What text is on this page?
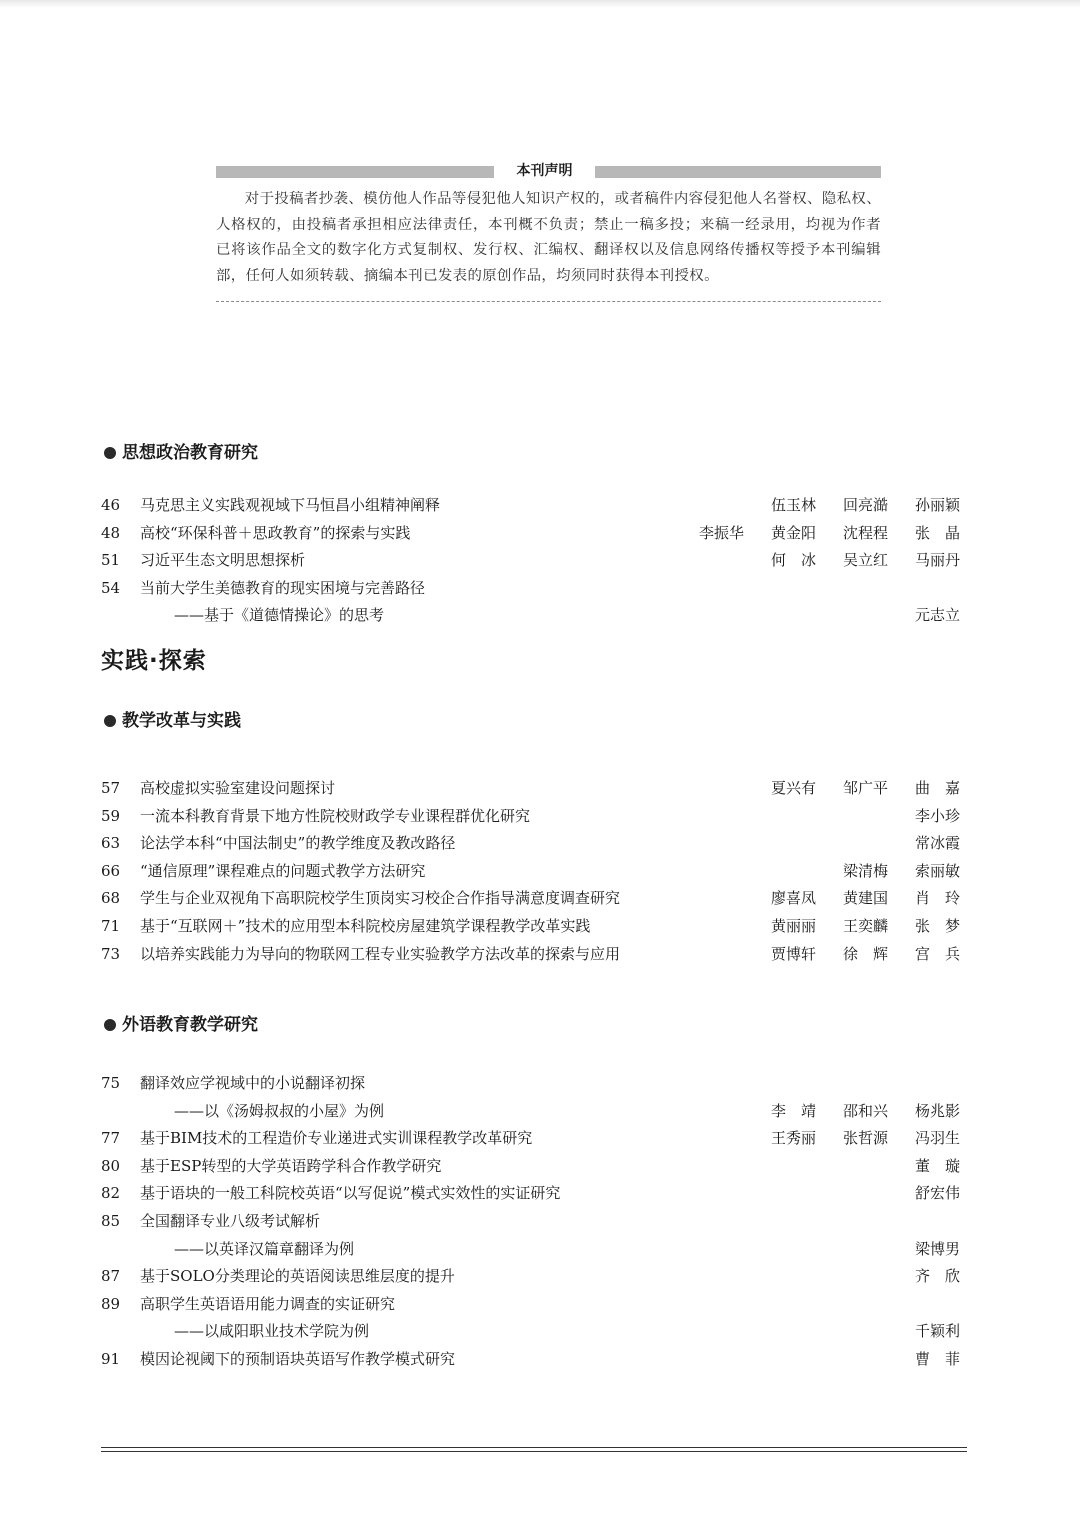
本刊声明

对于投稿者抄袭、模仿他人作品等侵犯他人知识产权的，或者稿件内容侵犯他人名誉权、隐私权、人格权的，由投稿者承担相应法律责任，本刊概不负责；禁止一稿多投；来稿一经录用，均视为作者已将该作品全文的数字化方式复制权、发行权、汇编权、翻译权以及信息网络传播权等授予本刊编辑部，任何人如须转载、摘编本刊已发表的原创作品，均须同时获得本刊授权。

思想政治教育研究
46	马克思主义实践观视域下马恒昌小组精神阐释	伍玉林 回亮澔 孙丽颖
48	高校“环保科普＋思政教育”的探索与实践	李振华 黄金阳 沈程程 张　晶
51	习近平生态文明思想探析	何　冰 吴立红 马丽丹
54	当前大学生美德教育的现实困境与完善路径
——基于《道德情操论》的思考	元志立
实践·探索
教学改革与实践
57	高校虚拟实验室建设问题探讨	夏兴有 邹广平 曲　嘉
59	一流本科教育背景下地方性院校财政学专业课程群优化研究	李小珍
63	论法学本科“中国法制史”的教学维度及教改路径	常冰霞
66	“通信原理”课程难点的问题式教学方法研究	梁清梅 索丽敏
68	学生与企业双视角下高职院校学生顶岗实习校企合作指导满意度调查研究	廖喜凤 黄建国 肖　玲
71	基于“互联网＋”技术的应用型本科院校房屋建筑学课程教学改革实践	黄丽丽 王奕麟 张　梦
73	以培养实践能力为导向的物联网工程专业实验教学方法改革的探索与应用	贾博轩 徐　辉 宫　兵
外语教育教学研究
75	翻译效应学视域中的小说翻译初探
——以《汤姆叔叔的小屋》为例	李　靖 邵和兴 杨兆影
77	基于BIM技术的工程造价专业递进式实训课程教学改革研究	王秀丽 张哲源 冯羽生
80	基于ESP转型的大学英语跨学科合作教学研究	董　璇
82	基于语块的一般工科院校英语“以写促说”模式实效性的实证研究	舒宏伟
85	全国翻译专业八级考试解析
——以英译汉篇章翻译为例	梁博男
87	基于SOLO分类理论的英语阅读思维层度的提升	齐　欣
89	高职学生英语语用能力调查的实证研究
——以咸阳职业技术学院为例	千颖利
91	模因论视阈下的预制语块英语写作教学模式研究	曹　菲
